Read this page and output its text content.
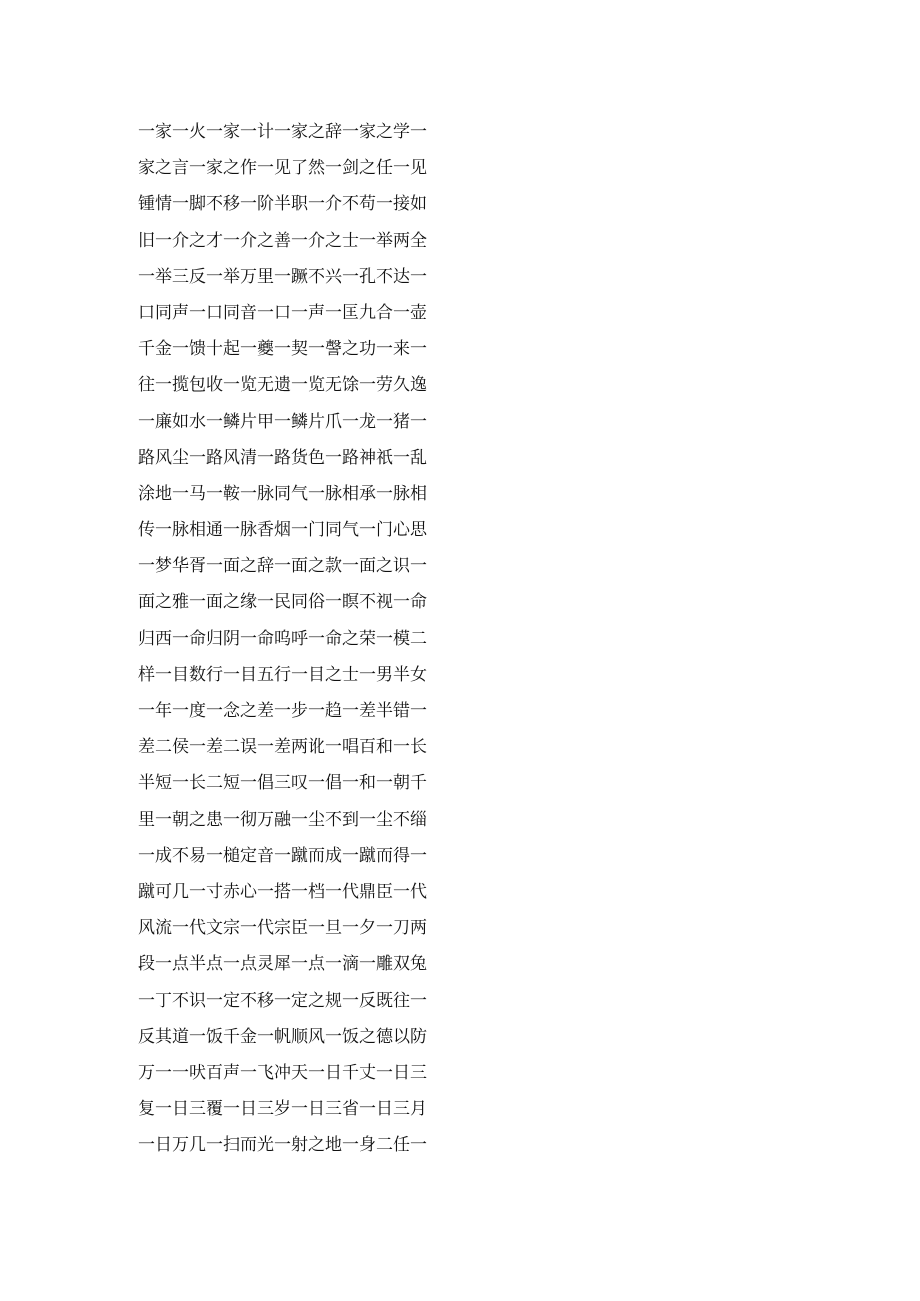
一家一火一家一计一家之辞一家之学一
家之言一家之作一见了然一剑之任一见
锺情一脚不移一阶半职一介不苟一接如
旧一介之才一介之善一介之士一举两全
一举三反一举万里一蹶不兴一孔不达一
口同声一口同音一口一声一匡九合一壶
千金一馈十起一夔一契一謦之功一来一
往一揽包收一览无遗一览无馀一劳久逸
一廉如水一鳞片甲一鳞片爪一龙一猪一
路风尘一路风清一路货色一路神祇一乱
涂地一马一鞍一脉同气一脉相承一脉相
传一脉相通一脉香烟一门同气一门心思
一梦华胥一面之辞一面之款一面之识一
面之雅一面之缘一民同俗一瞑不视一命
归西一命归阴一命呜呼一命之荣一模二
样一目数行一目五行一目之士一男半女
一年一度一念之差一步一趋一差半错一
差二侯一差二误一差两讹一唱百和一长
半短一长二短一倡三叹一倡一和一朝千
里一朝之患一彻万融一尘不到一尘不缁
一成不易一槌定音一蹴而成一蹴而得一
蹴可几一寸赤心一搭一档一代鼎臣一代
风流一代文宗一代宗臣一旦一夕一刀两
段一点半点一点灵犀一点一滴一雕双兔
一丁不识一定不移一定之规一反既往一
反其道一饭千金一帆顺风一饭之德以防
万一一吠百声一飞冲天一日千丈一日三
复一日三覆一日三岁一日三省一日三月
一日万几一扫而光一射之地一身二任一
